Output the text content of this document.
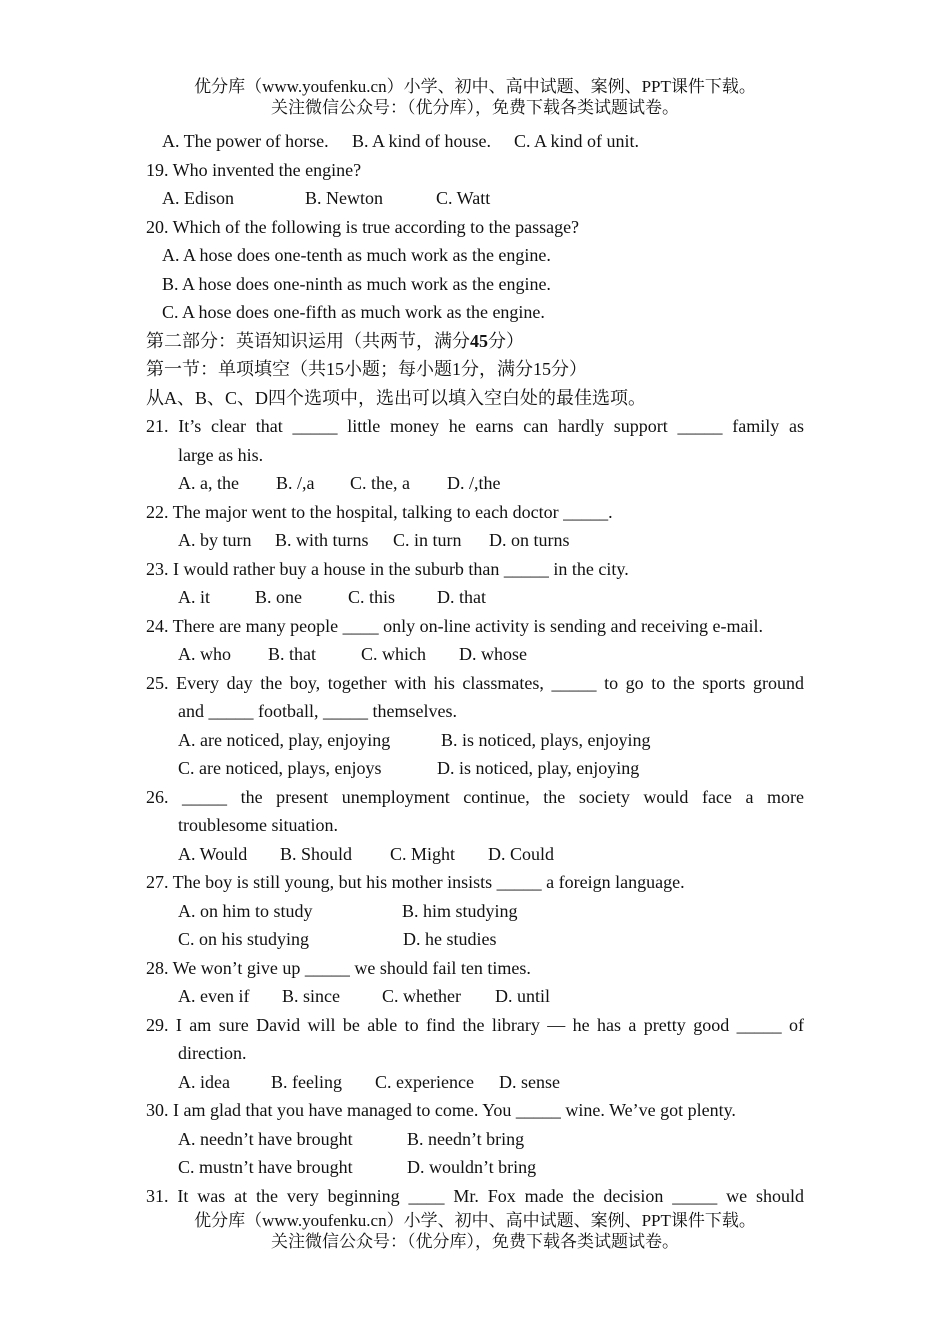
优分库（www.youfenku.cn）小学、初中、高中试题、案例、PPT课件下载。
关注微信公众号：（优分库），免费下载各类试题试卷。
A. The power of horse. B. A kind of house. C. A kind of unit.
19. Who invented the engine?
A. Edison	B. Newton	C. Watt
20. Which of the following is true according to the passage?
A. A hose does one-tenth as much work as the engine.
B. A hose does one-ninth as much work as the engine.
C. A hose does one-fifth as much work as the engine.
第二部分：英语知识运用（共两节，满分45分）
第一节：单项填空（共15小题；每小题1分，满分15分）
从A、B、C、D四个选项中，选出可以填入空白处的最佳选项。
21. It’s clear that _____ little money he earns can hardly support _____ family as
large as his.
A. a, the B. /,a C. the, a D. /,the
22. The major went to the hospital, talking to each doctor _____.
A. by turn B. with turns C. in turn D. on turns
23. I would rather buy a house in the suburb than _____ in the city.
A. it B. one	C. this D. that
24. There are many people ____ only on-line activity is sending and receiving e-mail.
A. who B. that	C. which D. whose
25. Every day the boy, together with his classmates, _____ to go to the sports ground
and _____ football, _____ themselves.
A. are noticed, play, enjoying	B. is noticed, plays, enjoying
C. are noticed, plays, enjoys	D. is noticed, play, enjoying
26. _____ the present unemployment continue, the society would face a more
troublesome situation.
A. Would B. Should C. Might D. Could
27. The boy is still young, but his mother insists _____ a foreign language.
A. on him to study	B. him studying
C. on his studying	D. he studies
28. We won’t give up _____ we should fail ten times.
A. even if B. since C. whether D. until
29. I am sure David will be able to find the library — he has a pretty good _____ of
direction.
A. idea B. feeling C. experience D. sense
30. I am glad that you have managed to come. You _____ wine. We’ve got plenty.
A. needn’t have brought	B. needn’t bring
C. mustn’t have brought	D. wouldn’t bring
31. It was at the very beginning ____ Mr. Fox made the decision _____ we should
优分库（www.youfenku.cn）小学、初中、高中试题、案例、PPT课件下载。
关注微信公众号：（优分库），免费下载各类试题试卷。
